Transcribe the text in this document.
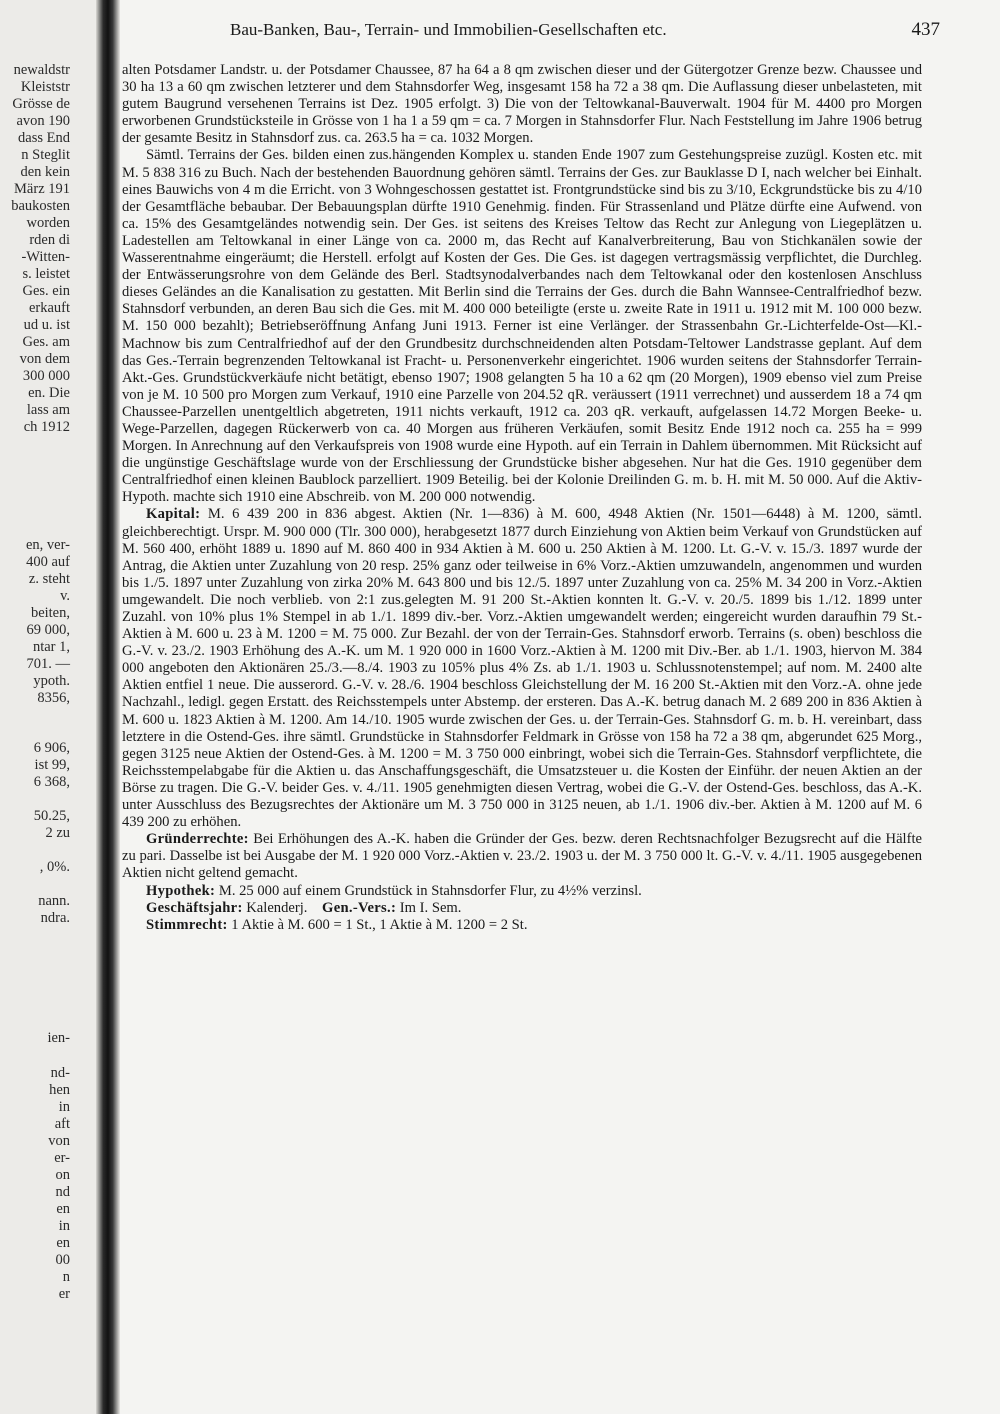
newaldstr
Kleiststr
Grösse de
avon 190
dass End
n Steglit
den kein
März 191
baukosten
worden
rden di
-Witten-
s. leistet
Ges. ein
erkauft
ud u. ist
Ges. am
von dem
300 000
en. Die
lass am
ch 1912
en, ver-
400 auf
z. steht
v.
beiten,
69 000,
ntar 1,
701. —
ypoth.
8356,
6 906,
ist 99,
6 368,
50.25,
2 zu
, 0%.
nann.
ndra.
ien-
nd-
hen
in
aft
von
er-
on
nd
en
in
en
00
n
er
Bau-Banken, Bau-, Terrain- und Immobilien-Gesellschaften etc.	437

alten Potsdamer Landstr. u. der Potsdamer Chaussee, 87 ha 64 a 8 qm zwischen dieser und der Gütergotzer Grenze bezw. Chaussee und 30 ha 13 a 60 qm zwischen letzterer und dem Stahnsdorfer Weg, insgesamt 158 ha 72 a 38 qm. Die Auflassung dieser unbelasteten, mit gutem Baugrund versehenen Terrains ist Dez. 1905 erfolgt. 3) Die von der Teltowkanal-Bauverwalt. 1904 für M. 4400 pro Morgen erworbenen Grundstücksteile in Grösse von 1 ha 1 a 59 qm = ca. 7 Morgen in Stahnsdorfer Flur. Nach Feststellung im Jahre 1906 betrug der gesamte Besitz in Stahnsdorf zus. ca. 263.5 ha = ca. 1032 Morgen.

Sämtl. Terrains der Ges. bilden einen zus.hängenden Komplex u. standen Ende 1907 zum Gestehungspreise zuzügl. Kosten etc. mit M. 5 838 316 zu Buch. Nach der bestehenden Bauordnung gehören sämtl. Terrains der Ges. zur Bauklasse D I, nach welcher bei Einhalt. eines Bauwichs von 4 m die Erricht. von 3 Wohngeschossen gestattet ist. Frontgrundstücke sind bis zu 3/10, Eckgrundstücke bis zu 4/10 der Gesamtfläche bebaubar. Der Bebauungsplan dürfte 1910 Genehmig. finden. Für Strassenland und Plätze dürfte eine Aufwend. von ca. 15% des Gesamtgeländes notwendig sein. Der Ges. ist seitens des Kreises Teltow das Recht zur Anlegung von Liegeplätzen u. Ladestellen am Teltowkanal in einer Länge von ca. 2000 m, das Recht auf Kanalverbreiterung, Bau von Stichkanälen sowie der Wasserentnahme eingeräumt; die Herstell. erfolgt auf Kosten der Ges. Die Ges. ist dagegen vertragsmässig verpflichtet, die Durchleg. der Entwässerungsrohre von dem Gelände des Berl. Stadtsynodalverbandes nach dem Teltowkanal oder den kostenlosen Anschluss dieses Geländes an die Kanalisation zu gestatten. Mit Berlin sind die Terrains der Ges. durch die Bahn Wannsee-Centralfriedhof bezw. Stahnsdorf verbunden, an deren Bau sich die Ges. mit M. 400 000 beteiligte (erste u. zweite Rate in 1911 u. 1912 mit M. 100 000 bezw. M. 150 000 bezahlt); Betriebseröffnung Anfang Juni 1913. Ferner ist eine Verlänger. der Strassenbahn Gr.-Lichterfelde-Ost—Kl.-Machnow bis zum Centralfriedhof auf der den Grundbesitz durchschneidenden alten Potsdam-Teltower Landstrasse geplant. Auf dem das Ges.-Terrain begrenzenden Teltowkanal ist Fracht- u. Personenverkehr eingerichtet. 1906 wurden seitens der Stahnsdorfer Terrain-Akt.-Ges. Grundstückverkäufe nicht betätigt, ebenso 1907; 1908 gelangten 5 ha 10 a 62 qm (20 Morgen), 1909 ebenso viel zum Preise von je M. 10 500 pro Morgen zum Verkauf, 1910 eine Parzelle von 204.52 qR. veräussert (1911 verrechnet) und ausserdem 18 a 74 qm Chaussee-Parzellen unentgeltlich abgetreten, 1911 nichts verkauft, 1912 ca. 203 qR. verkauft, aufgelassen 14.72 Morgen Beeke- u. Wege-Parzellen, dagegen Rückerwerb von ca. 40 Morgen aus früheren Verkäufen, somit Besitz Ende 1912 noch ca. 255 ha = 999 Morgen. In Anrechnung auf den Verkaufspreis von 1908 wurde eine Hypoth. auf ein Terrain in Dahlem übernommen. Mit Rücksicht auf die ungünstige Geschäftslage wurde von der Erschliessung der Grundstücke bisher abgesehen. Nur hat die Ges. 1910 gegenüber dem Centralfriedhof einen kleinen Baublock parzelliert. 1909 Beteilig. bei der Kolonie Dreilinden G. m. b. H. mit M. 50 000. Auf die Aktiv-Hypoth. machte sich 1910 eine Abschreib. von M. 200 000 notwendig.

Kapital: M. 6 439 200 in 836 abgest. Aktien (Nr. 1—836) à M. 600, 4948 Aktien (Nr. 1501—6448) à M. 1200, sämtl. gleichberechtigt. Urspr. M. 900 000 (Tlr. 300 000), herabgesetzt 1877 durch Einziehung von Aktien beim Verkauf von Grundstücken auf M. 560 400, erhöht 1889 u. 1890 auf M. 860 400 in 934 Aktien à M. 600 u. 250 Aktien à M. 1200. Lt. G.-V. v. 15./3. 1897 wurde der Antrag, die Aktien unter Zuzahlung von 20 resp. 25% ganz oder teilweise in 6% Vorz.-Aktien umzuwandeln, angenommen und wurden bis 1./5. 1897 unter Zuzahlung von zirka 20% M. 643 800 und bis 12./5. 1897 unter Zuzahlung von ca. 25% M. 34 200 in Vorz.-Aktien umgewandelt. Die noch verblieb. von 2:1 zus.gelegten M. 91 200 St.-Aktien konnten lt. G.-V. v. 20./5. 1899 bis 1./12. 1899 unter Zuzahl. von 10% plus 1% Stempel in ab 1./1. 1899 div.-ber. Vorz.-Aktien umgewandelt werden; eingereicht wurden daraufhin 79 St.-Aktien à M. 600 u. 23 à M. 1200 = M. 75 000. Zur Bezahl. der von der Terrain-Ges. Stahnsdorf erworb. Terrains (s. oben) beschloss die G.-V. v. 23./2. 1903 Erhöhung des A.-K. um M. 1 920 000 in 1600 Vorz.-Aktien à M. 1200 mit Div.-Ber. ab 1./1. 1903, hiervon M. 384 000 angeboten den Aktionären 25./3.—8./4. 1903 zu 105% plus 4% Zs. ab 1./1. 1903 u. Schlussnotenstempel; auf nom. M. 2400 alte Aktien entfiel 1 neue. Die ausserord. G.-V. v. 28./6. 1904 beschloss Gleichstellung der M. 16 200 St.-Aktien mit den Vorz.-A. ohne jede Nachzahl., ledigl. gegen Erstatt. des Reichsstempels unter Abstemp. der ersteren. Das A.-K. betrug danach M. 2 689 200 in 836 Aktien à M. 600 u. 1823 Aktien à M. 1200. Am 14./10. 1905 wurde zwischen der Ges. u. der Terrain-Ges. Stahnsdorf G. m. b. H. vereinbart, dass letztere in die Ostend-Ges. ihre sämtl. Grundstücke in Stahnsdorfer Feldmark in Grösse von 158 ha 72 a 38 qm, abgerundet 625 Morg., gegen 3125 neue Aktien der Ostend-Ges. à M. 1200 = M. 3 750 000 einbringt, wobei sich die Terrain-Ges. Stahnsdorf verpflichtete, die Reichsstempelabgabe für die Aktien u. das Anschaffungsgeschäft, die Umsatzsteuer u. die Kosten der Einführ. der neuen Aktien an der Börse zu tragen. Die G.-V. beider Ges. v. 4./11. 1905 genehmigten diesen Vertrag, wobei die G.-V. der Ostend-Ges. beschloss, das A.-K. unter Ausschluss des Bezugsrechtes der Aktionäre um M. 3 750 000 in 3125 neuen, ab 1./1. 1906 div.-ber. Aktien à M. 1200 auf M. 6 439 200 zu erhöhen.

Gründerrechte: Bei Erhöhungen des A.-K. haben die Gründer der Ges. bezw. deren Rechtsnachfolger Bezugsrecht auf die Hälfte zu pari. Dasselbe ist bei Ausgabe der M. 1 920 000 Vorz.-Aktien v. 23./2. 1903 u. der M. 3 750 000 lt. G.-V. v. 4./11. 1905 ausgegebenen Aktien nicht geltend gemacht.

Hypothek: M. 25 000 auf einem Grundstück in Stahnsdorfer Flur, zu 4½% verzinsl.

Geschäftsjahr: Kalenderj. Gen.-Vers.: Im I. Sem.

Stimmrecht: 1 Aktie à M. 600 = 1 St., 1 Aktie à M. 1200 = 2 St.
